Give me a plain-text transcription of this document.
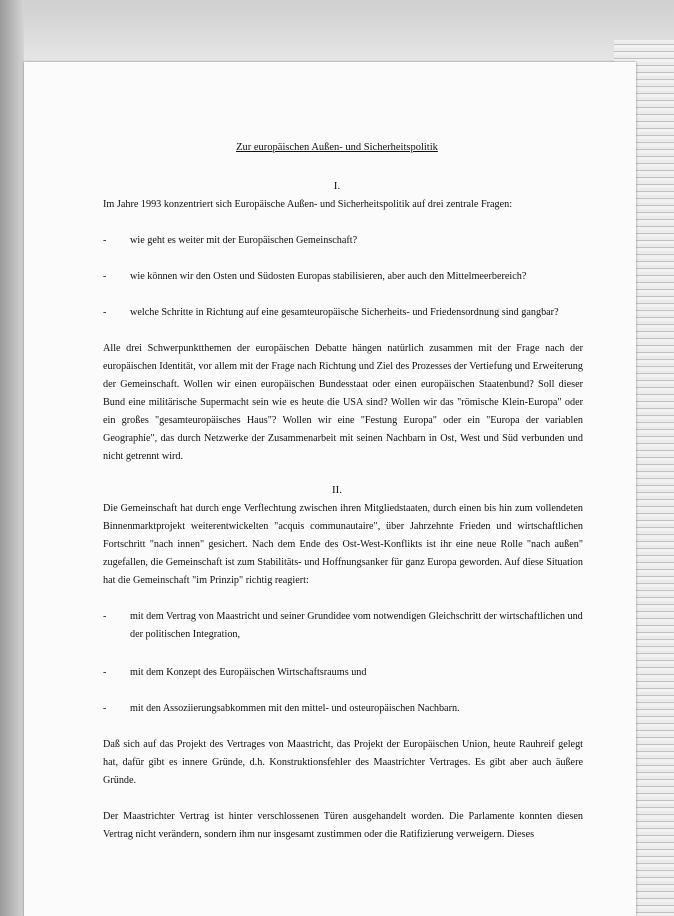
Zur europäischen Außen- und Sicherheitspolitik
I.
Im Jahre 1993 konzentriert sich Europäische Außen- und Sicherheitspolitik auf drei zentrale Fragen:
- wie geht es weiter mit der Europäischen Gemeinschaft?
- wie können wir den Osten und Südosten Europas stabilisieren, aber auch den Mittelmeerbereich?
- welche Schritte in Richtung auf eine gesamteuropäische Sicherheits- und Friedensordnung sind gangbar?
Alle drei Schwerpunktthemen der europäischen Debatte hängen natürlich zusammen mit der Frage nach der europäischen Identität, vor allem mit der Frage nach Richtung und Ziel des Prozesses der Vertiefung und Erweiterung der Gemeinschaft. Wollen wir einen europäischen Bundesstaat oder einen europäischen Staatenbund? Soll dieser Bund eine militärische Supermacht sein wie es heute die USA sind? Wollen wir das "römische Klein-Europa" oder ein großes "gesamteuropäisches Haus"? Wollen wir eine "Festung Europa" oder ein "Europa der variablen Geographie", das durch Netzwerke der Zusammenarbeit mit seinen Nachbarn in Ost, West und Süd verbunden und nicht getrennt wird.
II.
Die Gemeinschaft hat durch enge Verflechtung zwischen ihren Mitgliedstaaten, durch einen bis hin zum vollendeten Binnenmarktprojekt weiterentwickelten "acquis communautaire", über Jahrzehnte Frieden und wirtschaftlichen Fortschritt "nach innen" gesichert. Nach dem Ende des Ost-West-Konflikts ist ihr eine neue Rolle "nach außen" zugefallen, die Gemeinschaft ist zum Stabilitäts- und Hoffnungsanker für ganz Europa geworden. Auf diese Situation hat die Gemeinschaft "im Prinzip" richtig reagiert:
- mit dem Vertrag von Maastricht und seiner Grundidee vom notwendigen Gleichschritt der wirtschaftlichen und der politischen Integration,
- mit dem Konzept des Europäischen Wirtschaftsraums und
- mit den Assoziierungsabkommen mit den mittel- und osteuropäischen Nachbarn.
Daß sich auf das Projekt des Vertrages von Maastricht, das Projekt der Europäischen Union, heute Rauhreif gelegt hat, dafür gibt es innere Gründe, d.h. Konstruktionsfehler des Maastrichter Vertrages. Es gibt aber auch äußere Gründe.
Der Maastrichter Vertrag ist hinter verschlossenen Türen ausgehandelt worden. Die Parlamente konnten diesen Vertrag nicht verändern, sondern ihm nur insgesamt zustimmen oder die Ratifizierung verweigern. Dieses
